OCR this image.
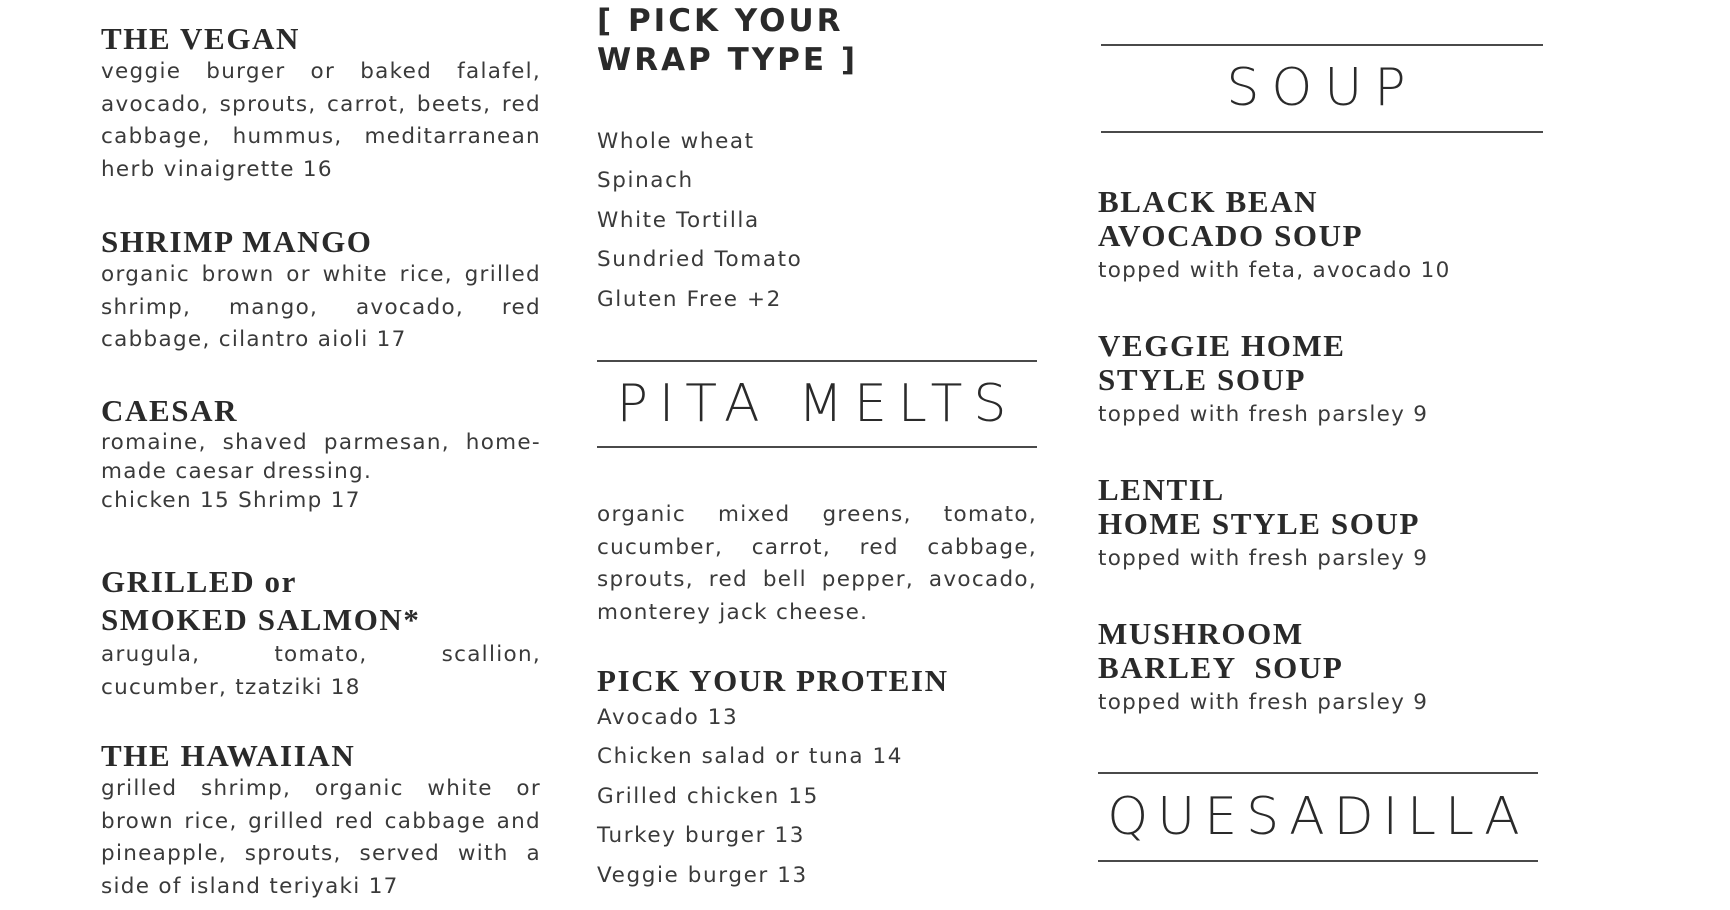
THE VEGAN

veggie burger or baked falafel, avocado, sprouts, carrot, beets, red cabbage, hummus, meditarranean herb vinaigrette 16

SHRIMP MANGO

organic brown or white rice, grilled shrimp, mango, avocado, red cabbage, cilantro aioli 17

CAESAR

romaine, shaved parmesan, home-made caesar dressing.
chicken 15 Shrimp 17

GRILLED or
SMOKED SALMON*

arugula, tomato, scallion, cucumber, tzatziki 18

THE HAWAIIAN

grilled shrimp, organic white or brown rice, grilled red cabbage and pineapple, sprouts, served with a side of island teriyaki 17

[ PICK YOUR
WRAP TYPE ]
Whole wheat
Spinach
White Tortilla
Sundried Tomato
Gluten Free +2
PITA MELTS

organic mixed greens, tomato, cucumber, carrot, red cabbage, sprouts, red bell pepper, avocado, monterey jack cheese.

PICK YOUR PROTEIN
Avocado 13
Chicken salad or tuna 14
Grilled chicken 15
Turkey burger 13
Veggie burger 13
SOUP
BLACK BEAN
AVOCADO SOUP

topped with feta, avocado 10

VEGGIE HOME
STYLE SOUP

topped with fresh parsley 9

LENTIL
HOME STYLE SOUP

topped with fresh parsley 9

MUSHROOM
BARLEY  SOUP

topped with fresh parsley 9

QUESADILLA
